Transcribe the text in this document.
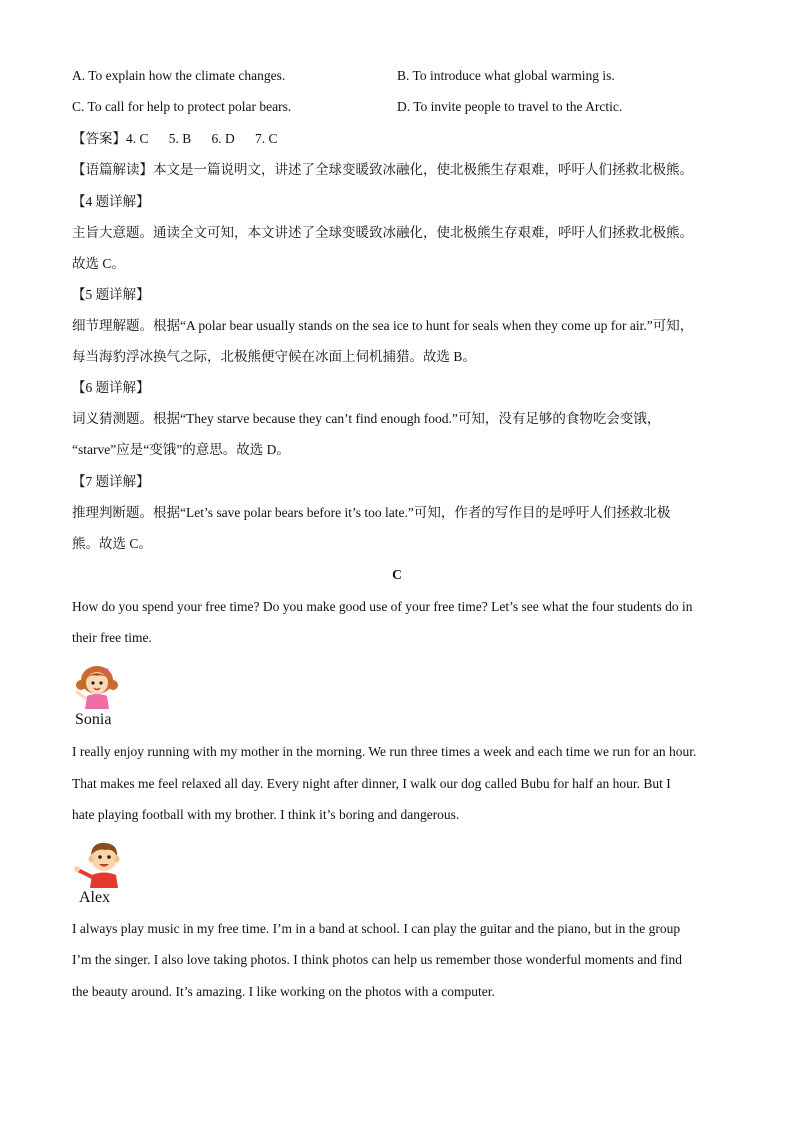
A. To explain how the climate changes.	B. To introduce what global warming is.
C. To call for help to protect polar bears.	D. To invite people to travel to the Arctic.
【答案】4. C      5. B      6. D      7. C
【语篇解读】本文是一篇说明文，讲述了全球变暖致冰融化，使北极熊生存艰难，呼吁人们拯救北极熊。
【4 题详解】
主旨大意题。通读全文可知，本文讲述了全球变暖致冰融化，使北极熊生存艰难，呼吁人们拯救北极熊。
故选 C。
【5 题详解】
细节理解题。根据“A polar bear usually stands on the sea ice to hunt for seals when they come up for air.”可知，
每当海豹浮冰换气之际，北极熊便守候在冰面上伺机捕猎。故选 B。
【6 题详解】
词义猜测题。根据“They starve because they can’t find enough food.”可知，没有足够的食物吃会变饿，
“starve”应是“变饿”的意思。故选 D。
【7 题详解】
推理判断题。根据“Let’s save polar bears before it’s too late.”可知，作者的写作目的是呼吁人们拯救北极
熊。故选 C。
C
How do you spend your free time? Do you make good use of your free time? Let’s see what the four students do in
their free time.
Sonia
I really enjoy running with my mother in the morning. We run three times a week and each time we run for an hour.
That makes me feel relaxed all day. Every night after dinner, I walk our dog called Bubu for half an hour. But I
hate playing football with my brother. I think it’s boring and dangerous.
Alex
I always play music in my free time. I’m in a band at school. I can play the guitar and the piano, but in the group
I’m the singer. I also love taking photos. I think photos can help us remember those wonderful moments and find
the beauty around. It’s amazing. I like working on the photos with a computer.
